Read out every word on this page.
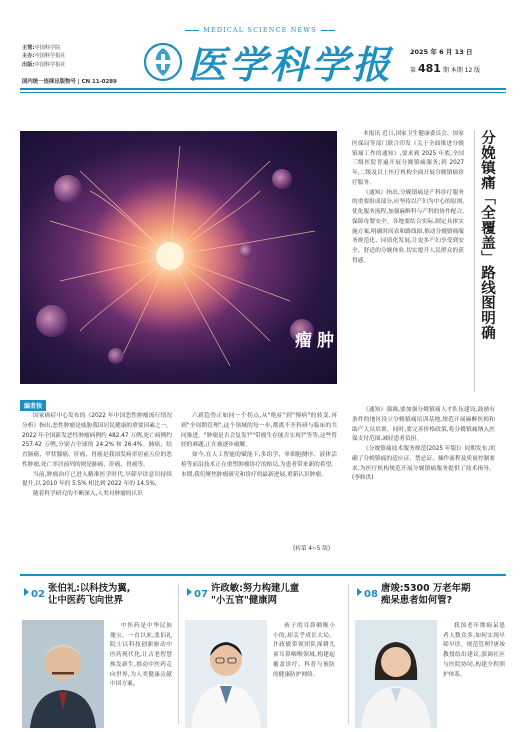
主管:中国科学院
主办:中国科学报社
出版:中国科学报社
国内统一连续出版物号 | CN 11-0289
MEDICAL SCIENCE NEWS
医学科学报	2025 年 6 月 13 日
第 481 期 本期 12 版
重
新
认
识
肿
瘤
编者按

国家癌症中心发布的《2022 年中国恶性肿瘤流行情况分析》指出,恶性肿瘤是威胁我国居民健康的重要因素之一。2022 年全国新发恶性肿瘤病例约 482.47 万例,死亡病例约 257.42 万例,分别占全球的 24.2% 和 26.4%。肺癌、结直肠癌、甲状腺癌、肝癌、胃癌是我国发病率居前五位的恶性肿瘤,死亡率居前列的则是肺癌、肝癌、胃癌等。

当前,肿瘤治疗已进入精准医学时代,早筛早诊意识持续提升,以 2010 年的 5.5% 相比到 2022 年的 14.5%,

随着科学研究的不断深入,人类对肿瘤的认识

六新趋势正如同一个拐点,从"绝症"到"慢病"的转变,再到"全周期管理",这个领域的每一步,都离不开科研与临床的共同推进。"肿瘤是否会复发?""带瘤生存能否实现?"等等,这些曾经的难题,正在被逐步破解。

如今,在人工智能的赋能下,多组学、单细胞测序、液体活检等前沿技术正在重塑肿瘤诊疗的格局,为患者带来新的希望。本期,我们聚焦肿瘤研究和诊疗的最新进展,重新认识肿瘤。

(转第 4~5 版)

本报讯 近日,国家卫生健康委员会、国家医保局等部门联合印发《关于全面推进分娩镇痛工作的通知》,要求到 2025 年底,全国三级医院普遍开展分娩镇痛服务;到 2027 年,二级及以上医疗机构全面开展分娩镇痛诊疗服务。

《通知》指出,分娩镇痛是产科诊疗服务的重要组成部分,应坚持以产妇为中心的原则,优化服务流程,加强麻醉科与产科的协作配合,保障母婴安全。各地要结合实际,制定具体实施方案,明确时间表和路线图,推动分娩镇痛服务规范化、同质化发展,让更多产妇享受到安全、舒适的分娩体验,切实提升人民群众的获得感。	分娩镇痛「全覆盖」路线图明确

《通知》强调,要加强分娩镇痛人才队伍建设,鼓励有条件的地区设立分娩镇痛培训基地,规范开展麻醉医师和助产人员培训。同时,要完善价格政策,将分娩镇痛纳入医保支付范围,减轻患者负担。

《分娩镇痛技术服务规范(2025 年版)》同期发布,明确了分娩镇痛的适应证、禁忌证、操作流程及质量控制要求,为医疗机构规范开展分娩镇痛服务提供了技术指导。(李修洪)

02
张伯礼:以科技为翼,
让中医药飞向世界
中医药是中华民族瑰宝。一直以来,张伯礼院士以科技创新驱动中医药现代化,让古老智慧焕发新生,推动中医药走向世界,为人类健康贡献中国方案。
07
许政敏:努力构建儿童
"小五官"健康网
孩子的耳鼻咽喉小小的,却关乎成长大局。许政敏带领团队深耕儿童耳鼻咽喉领域,构建起覆盖诊疗、科普与预防的健康防护网络。
08
唐竣:5300 万老年期
痴呆患者如何管?
我国老年期痴呆患者人数众多,如何实现早筛早诊、规范管理?唐竣教授给出建议,强调社区与医院协同,构建全程照护体系。
